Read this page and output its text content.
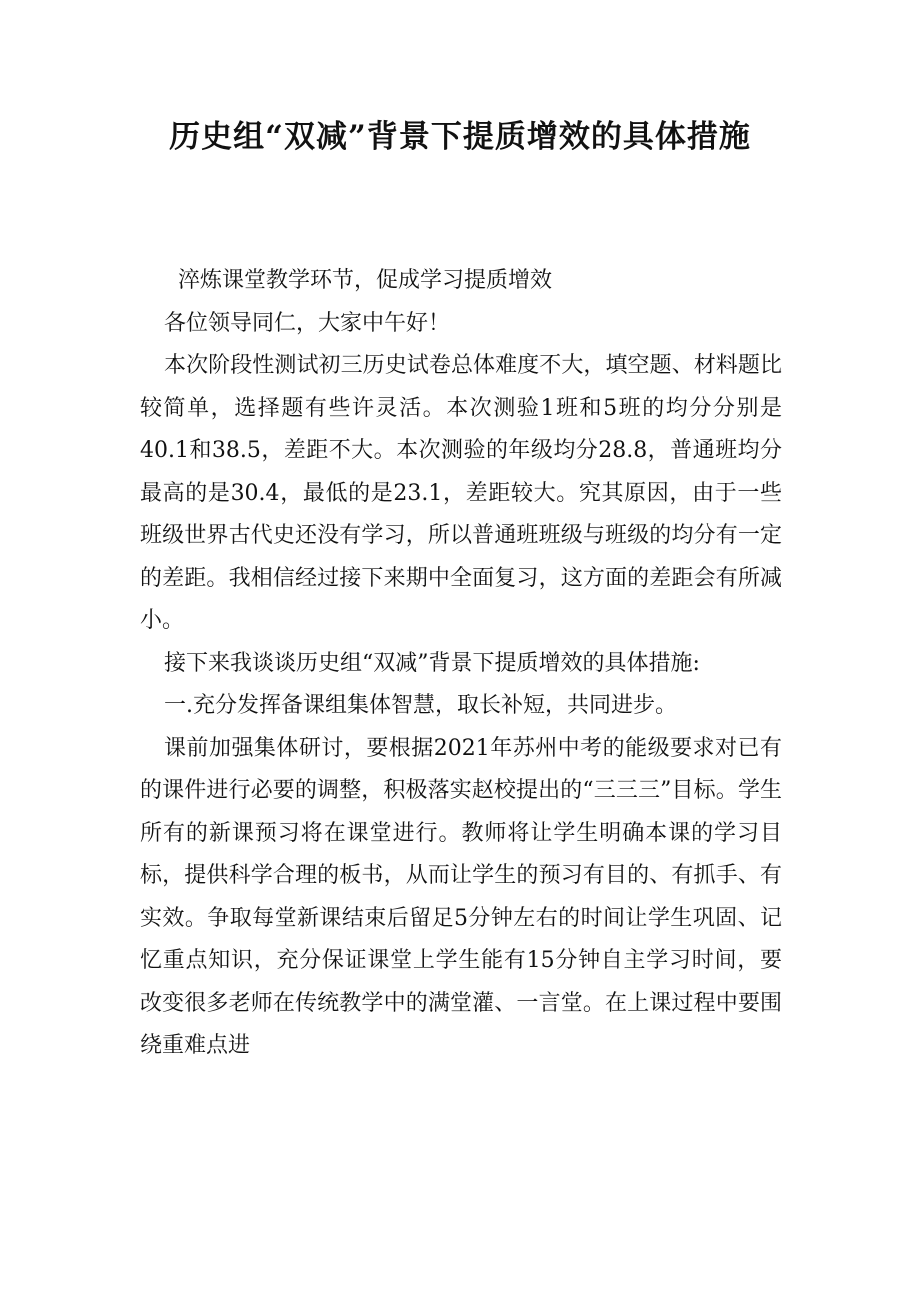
历史组“双减”背景下提质增效的具体措施

淬炼课堂教学环节，促成学习提质增效

各位领导同仁，大家中午好！

本次阶段性测试初三历史试卷总体难度不大，填空题、材料题比较简单，选择题有些许灵活。本次测验1班和5班的均分分别是40.1和38.5，差距不大。本次测验的年级均分28.8，普通班均分最高的是30.4，最低的是23.1，差距较大。究其原因，由于一些班级世界古代史还没有学习，所以普通班班级与班级的均分有一定的差距。我相信经过接下来期中全面复习，这方面的差距会有所减小。

接下来我谈谈历史组“双减”背景下提质增效的具体措施:

一.充分发挥备课组集体智慧，取长补短，共同进步。

课前加强集体研讨，要根据2021年苏州中考的能级要求对已有的课件进行必要的调整，积极落实赵校提出的“三三三”目标。学生所有的新课预习将在课堂进行。教师将让学生明确本课的学习目标，提供科学合理的板书，从而让学生的预习有目的、有抓手、有实效。争取每堂新课结束后留足5分钟左右的时间让学生巩固、记忆重点知识，充分保证课堂上学生能有15分钟自主学习时间，要改变很多老师在传统教学中的满堂灌、一言堂。在上课过程中要围绕重难点进
